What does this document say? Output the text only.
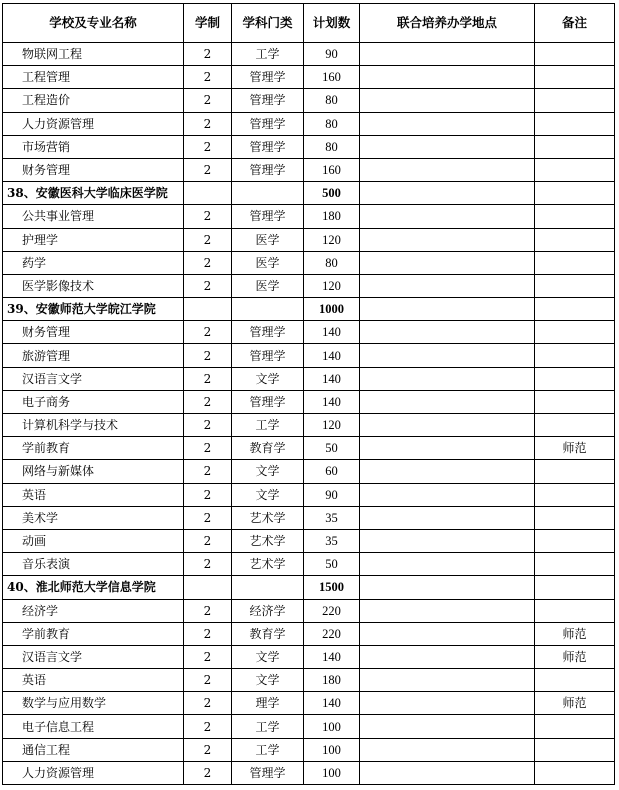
学校及专业名称	学制	学科门类	计划数	联合培养办学地点	备注
物联网工程	2	工学	90		
工程管理	2	管理学	160		
工程造价	2	管理学	80		
人力资源管理	2	管理学	80		
市场营销	2	管理学	80		
财务管理	2	管理学	160		
38、安徽医科大学临床医学院			500		
公共事业管理	2	管理学	180		
护理学	2	医学	120		
药学	2	医学	80		
医学影像技术	2	医学	120		
39、安徽师范大学皖江学院			1000		
财务管理	2	管理学	140		
旅游管理	2	管理学	140		
汉语言文学	2	文学	140		
电子商务	2	管理学	140		
计算机科学与技术	2	工学	120		
学前教育	2	教育学	50		师范
网络与新媒体	2	文学	60		
英语	2	文学	90		
美术学	2	艺术学	35		
动画	2	艺术学	35		
音乐表演	2	艺术学	50		
40、淮北师范大学信息学院			1500		
经济学	2	经济学	220		
学前教育	2	教育学	220		师范
汉语言文学	2	文学	140		师范
英语	2	文学	180		
数学与应用数学	2	理学	140		师范
电子信息工程	2	工学	100		
通信工程	2	工学	100		
人力资源管理	2	管理学	100		
